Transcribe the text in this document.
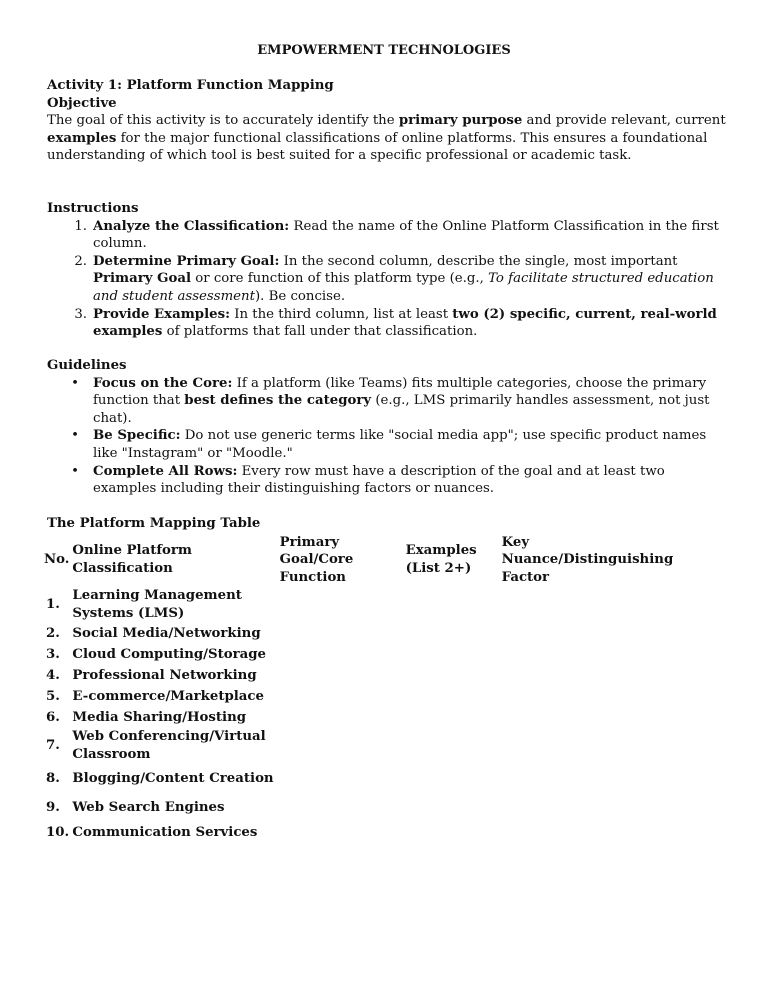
EMPOWERMENT TECHNOLOGIES

Activity 1: Platform Function Mapping

Objective

The goal of this activity is to accurately identify the primary purpose and provide relevant, current examples for the major functional classifications of online platforms. This ensures a foundational understanding of which tool is best suited for a specific professional or academic task.

Instructions

1. Analyze the Classification: Read the name of the Online Platform Classification in the first column.
2. Determine Primary Goal: In the second column, describe the single, most important Primary Goal or core function of this platform type (e.g., To facilitate structured education and student assessment). Be concise.
3. Provide Examples: In the third column, list at least two (2) specific, current, real-world examples of platforms that fall under that classification.

Guidelines

• Focus on the Core: If a platform (like Teams) fits multiple categories, choose the primary function that best defines the category (e.g., LMS primarily handles assessment, not just chat).
• Be Specific: Do not use generic terms like "social media app"; use specific product names like "Instagram" or "Moodle."
• Complete All Rows: Every row must have a description of the goal and at least two examples including their distinguishing factors or nuances.
The Platform Mapping Table
No.	Online Platform Classification	Primary Goal/Core Function	Examples (List 2+)	Key Nuance/Distinguishing Factor
1.	Learning Management Systems (LMS)			
2.	Social Media/Networking			
3.	Cloud Computing/Storage			
4.	Professional Networking			
5.	E-commerce/Marketplace			
6.	Media Sharing/Hosting			
7.	Web Conferencing/Virtual Classroom			
8.	Blogging/Content Creation			
9.	Web Search Engines			
10.	Communication Services			
